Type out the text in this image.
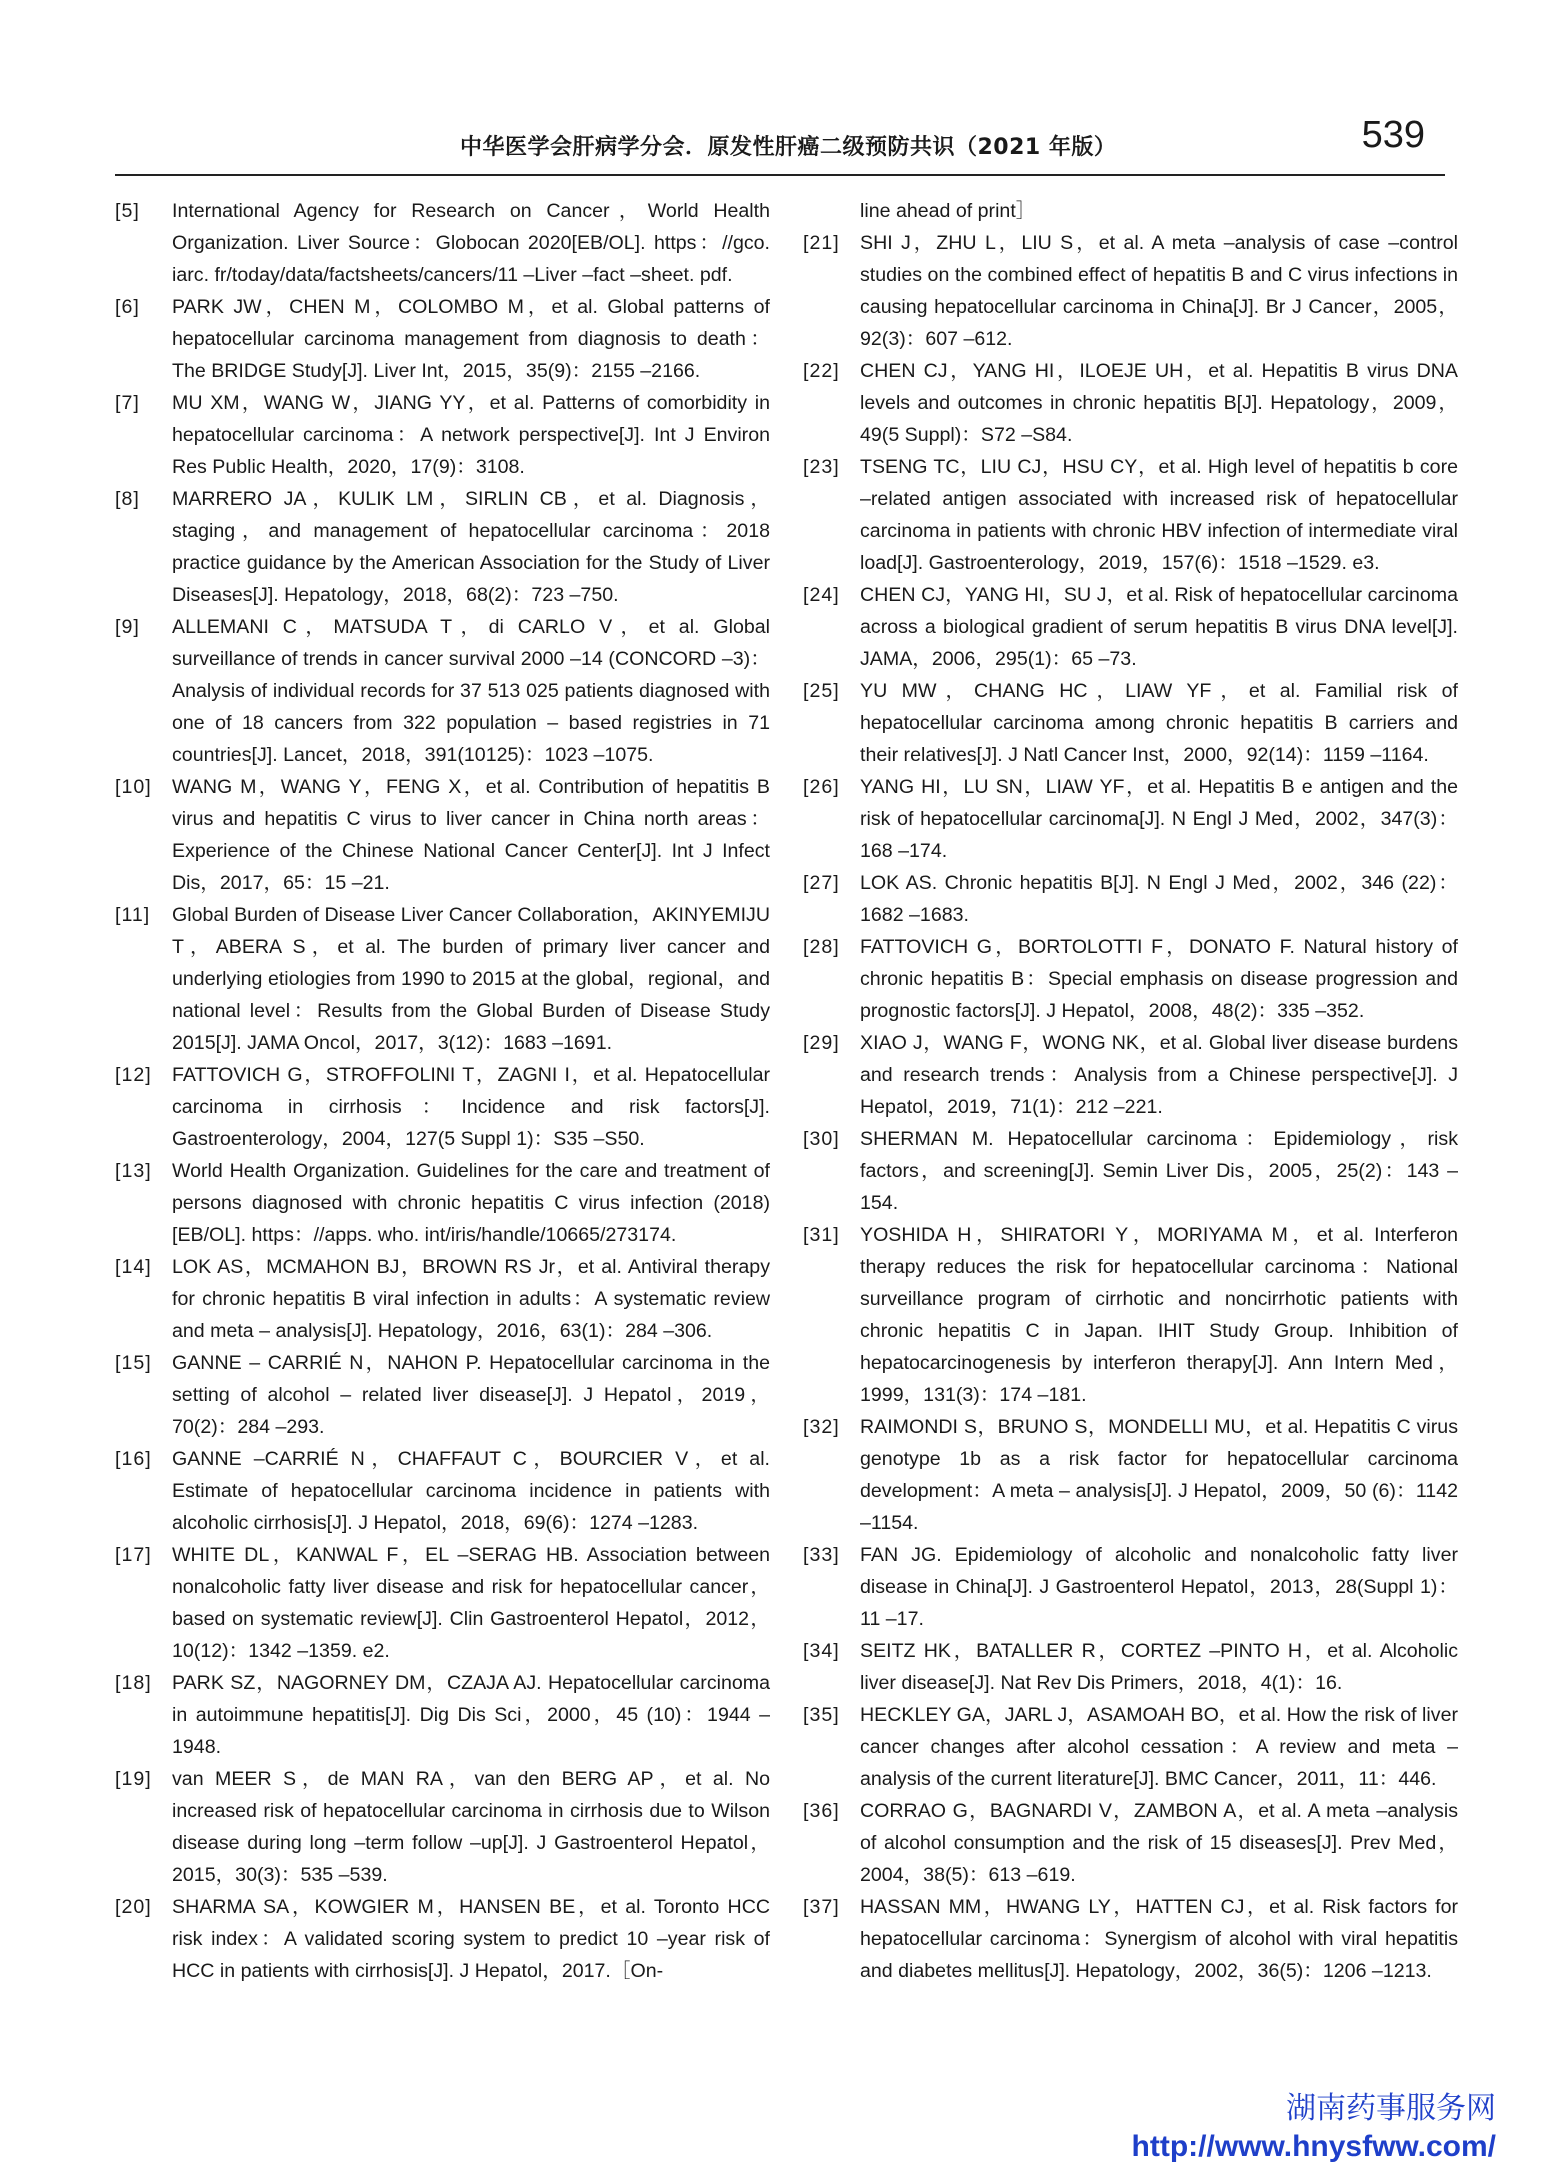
中华医学会肝病学分会．原发性肝癌二级预防共识（2021 年版）	539
[5]	International Agency for Research on Cancer，World Health Organization. Liver Source：Globocan 2020[EB/OL]. https：//gco. iarc. fr/today/data/factsheets/cancers/11 –Liver –fact –sheet. pdf.
[6]	PARK JW，CHEN M，COLOMBO M，et al. Global patterns of hepatocellular carcinoma management from diagnosis to death：The BRIDGE Study[J]. Liver Int，2015，35(9)：2155 –2166.
[7]	MU XM，WANG W，JIANG YY，et al. Patterns of comorbidity in hepatocellular carcinoma：A network perspective[J]. Int J Environ Res Public Health，2020，17(9)：3108.
[8]	MARRERO JA，KULIK LM，SIRLIN CB，et al. Diagnosis，staging，and management of hepatocellular carcinoma：2018 practice guidance by the American Association for the Study of Liver Diseases[J]. Hepatology，2018，68(2)：723 –750.
[9]	ALLEMANI C，MATSUDA T，di CARLO V，et al. Global surveillance of trends in cancer survival 2000 –14 (CONCORD –3)：Analysis of individual records for 37 513 025 patients diagnosed with one of 18 cancers from 322 population – based registries in 71 countries[J]. Lancet，2018，391(10125)：1023 –1075.
[10]	WANG M，WANG Y，FENG X，et al. Contribution of hepatitis B virus and hepatitis C virus to liver cancer in China north areas：Experience of the Chinese National Cancer Center[J]. Int J Infect Dis，2017，65：15 –21.
[11]	Global Burden of Disease Liver Cancer Collaboration，AKINYEMIJU T，ABERA S，et al. The burden of primary liver cancer and underlying etiologies from 1990 to 2015 at the global，regional，and national level：Results from the Global Burden of Disease Study 2015[J]. JAMA Oncol，2017，3(12)：1683 –1691.
[12]	FATTOVICH G，STROFFOLINI T，ZAGNI I，et al. Hepatocellular carcinoma in cirrhosis：Incidence and risk factors[J]. Gastroenterology，2004，127(5 Suppl 1)：S35 –S50.
[13]	World Health Organization. Guidelines for the care and treatment of persons diagnosed with chronic hepatitis C virus infection (2018) [EB/OL]. https：//apps. who. int/iris/handle/10665/273174.
[14]	LOK AS，MCMAHON BJ，BROWN RS Jr，et al. Antiviral therapy for chronic hepatitis B viral infection in adults：A systematic review and meta – analysis[J]. Hepatology，2016，63(1)：284 –306.
[15]	GANNE – CARRIÉ N，NAHON P. Hepatocellular carcinoma in the setting of alcohol – related liver disease[J]. J Hepatol，2019，70(2)：284 –293.
[16]	GANNE –CARRIÉ N，CHAFFAUT C，BOURCIER V，et al. Estimate of hepatocellular carcinoma incidence in patients with alcoholic cirrhosis[J]. J Hepatol，2018，69(6)：1274 –1283.
[17]	WHITE DL，KANWAL F，EL –SERAG HB. Association between nonalcoholic fatty liver disease and risk for hepatocellular cancer，based on systematic review[J]. Clin Gastroenterol Hepatol，2012，10(12)：1342 –1359. e2.
[18]	PARK SZ，NAGORNEY DM，CZAJA AJ. Hepatocellular carcinoma in autoimmune hepatitis[J]. Dig Dis Sci，2000，45 (10)：1944 –1948.
[19]	van MEER S，de MAN RA，van den BERG AP，et al. No increased risk of hepatocellular carcinoma in cirrhosis due to Wilson disease during long –term follow –up[J]. J Gastroenterol Hepatol，2015，30(3)：535 –539.
[20]	SHARMA SA，KOWGIER M，HANSEN BE，et al. Toronto HCC risk index：A validated scoring system to predict 10 –year risk of HCC in patients with cirrhosis[J]. J Hepatol，2017.［On-
line ahead of print］
[21]	SHI J，ZHU L，LIU S，et al. A meta –analysis of case –control studies on the combined effect of hepatitis B and C virus infections in causing hepatocellular carcinoma in China[J]. Br J Cancer，2005，92(3)：607 –612.
[22]	CHEN CJ，YANG HI，ILOEJE UH，et al. Hepatitis B virus DNA levels and outcomes in chronic hepatitis B[J]. Hepatology，2009，49(5 Suppl)：S72 –S84.
[23]	TSENG TC，LIU CJ，HSU CY，et al. High level of hepatitis b core –related antigen associated with increased risk of hepatocellular carcinoma in patients with chronic HBV infection of intermediate viral load[J]. Gastroenterology，2019，157(6)：1518 –1529. e3.
[24]	CHEN CJ，YANG HI，SU J，et al. Risk of hepatocellular carcinoma across a biological gradient of serum hepatitis B virus DNA level[J]. JAMA，2006，295(1)：65 –73.
[25]	YU MW，CHANG HC，LIAW YF，et al. Familial risk of hepatocellular carcinoma among chronic hepatitis B carriers and their relatives[J]. J Natl Cancer Inst，2000，92(14)：1159 –1164.
[26]	YANG HI，LU SN，LIAW YF，et al. Hepatitis B e antigen and the risk of hepatocellular carcinoma[J]. N Engl J Med，2002，347(3)：168 –174.
[27]	LOK AS. Chronic hepatitis B[J]. N Engl J Med，2002，346 (22)：1682 –1683.
[28]	FATTOVICH G，BORTOLOTTI F，DONATO F. Natural history of chronic hepatitis B：Special emphasis on disease progression and prognostic factors[J]. J Hepatol，2008，48(2)：335 –352.
[29]	XIAO J，WANG F，WONG NK，et al. Global liver disease burdens and research trends：Analysis from a Chinese perspective[J]. J Hepatol，2019，71(1)：212 –221.
[30]	SHERMAN M. Hepatocellular carcinoma：Epidemiology，risk factors，and screening[J]. Semin Liver Dis，2005，25(2)：143 –154.
[31]	YOSHIDA H，SHIRATORI Y，MORIYAMA M，et al. Interferon therapy reduces the risk for hepatocellular carcinoma：National surveillance program of cirrhotic and noncirrhotic patients with chronic hepatitis C in Japan. IHIT Study Group. Inhibition of hepatocarcinogenesis by interferon therapy[J]. Ann Intern Med，1999，131(3)：174 –181.
[32]	RAIMONDI S，BRUNO S，MONDELLI MU，et al. Hepatitis C virus genotype 1b as a risk factor for hepatocellular carcinoma development：A meta – analysis[J]. J Hepatol，2009，50 (6)：1142 –1154.
[33]	FAN JG. Epidemiology of alcoholic and nonalcoholic fatty liver disease in China[J]. J Gastroenterol Hepatol，2013，28(Suppl 1)：11 –17.
[34]	SEITZ HK，BATALLER R，CORTEZ –PINTO H，et al. Alcoholic liver disease[J]. Nat Rev Dis Primers，2018，4(1)：16.
[35]	HECKLEY GA，JARL J，ASAMOAH BO，et al. How the risk of liver cancer changes after alcohol cessation：A review and meta –analysis of the current literature[J]. BMC Cancer，2011，11：446.
[36]	CORRAO G，BAGNARDI V，ZAMBON A，et al. A meta –analysis of alcohol consumption and the risk of 15 diseases[J]. Prev Med，2004，38(5)：613 –619.
[37]	HASSAN MM，HWANG LY，HATTEN CJ，et al. Risk factors for hepatocellular carcinoma：Synergism of alcohol with viral hepatitis and diabetes mellitus[J]. Hepatology，2002，36(5)：1206 –1213.
湖南药事服务网
http://www.hnysfww.com/
